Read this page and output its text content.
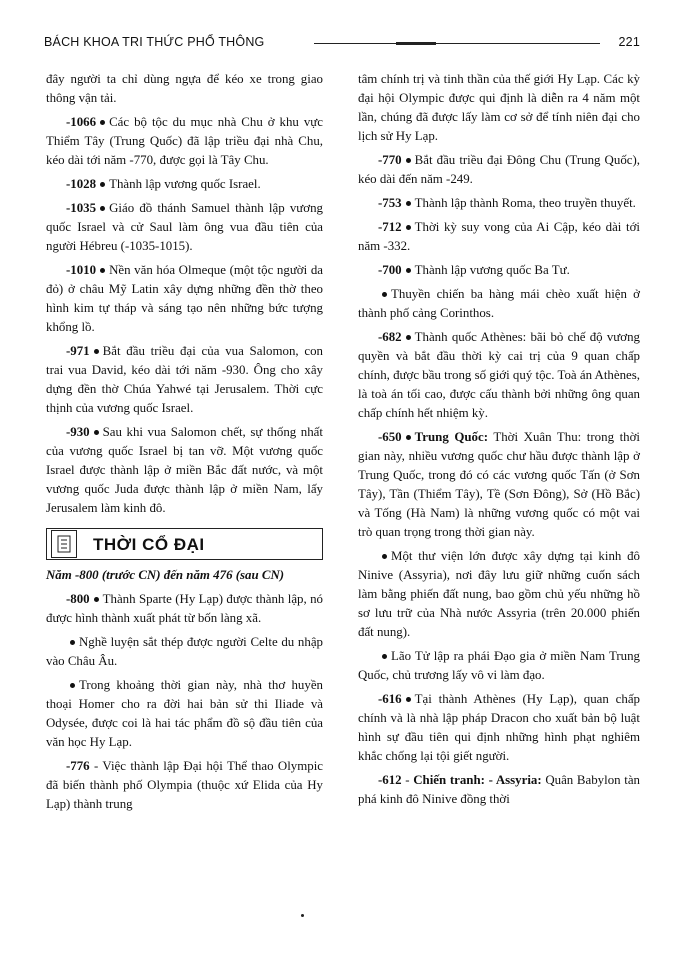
BÁCH KHOA TRI THỨC PHỔ THÔNG	221

đây người ta chỉ dùng ngựa để kéo xe trong giao thông vận tải.

-1066 Các bộ tộc du mục nhà Chu ở khu vực Thiểm Tây (Trung Quốc) đã lập triều đại nhà Chu, kéo dài tới năm -770, được gọi là Tây Chu.

-1028 Thành lập vương quốc Israel.

-1035 Giáo đồ thánh Samuel thành lập vương quốc Israel và cử Saul làm ông vua đầu tiên của người Hébreu (-1035-1015).

-1010 Nền văn hóa Olmeque (một tộc người da đỏ) ở châu Mỹ Latin xây dựng những đền thờ theo hình kim tự tháp và sáng tạo nên những bức tượng khổng lồ.

-971 Bắt đầu triều đại của vua Salomon, con trai vua David, kéo dài tới năm -930. Ông cho xây dựng đền thờ Chúa Yahwé tại Jerusalem. Thời cực thịnh của vương quốc Israel.

-930 Sau khi vua Salomon chết, sự thống nhất của vương quốc Israel bị tan vỡ. Một vương quốc Israel được thành lập ở miền Bắc đất nước, và một vương quốc Juda được thành lập ở miền Nam, lấy Jerusalem làm kinh đô.

THỜI CỔ ĐẠI

Năm -800 (trước CN) đến năm 476 (sau CN)

-800 Thành Sparte (Hy Lạp) được thành lập, nó được hình thành xuất phát từ bốn làng xã.

Nghề luyện sắt thép được người Celte du nhập vào Châu Âu.

Trong khoảng thời gian này, nhà thơ huyền thoại Homer cho ra đời hai bản sử thi Iliade và Odysée, được coi là hai tác phẩm đồ sộ đầu tiên của văn học Hy Lạp.

-776 - Việc thành lập Đại hội Thể thao Olympic đã biến thành phố Olympia (thuộc xứ Elida của Hy Lạp) thành trung

tâm chính trị và tinh thần của thế giới Hy Lạp. Các kỳ đại hội Olympic được qui định là diễn ra 4 năm một lần, chúng đã được lấy làm cơ sở để tính niên đại cho lịch sử Hy Lạp.

-770 Bắt đầu triều đại Đông Chu (Trung Quốc), kéo dài đến năm -249.

-753 Thành lập thành Roma, theo truyền thuyết.

-712 Thời kỳ suy vong của Ai Cập, kéo dài tới năm -332.

-700 Thành lập vương quốc Ba Tư.

Thuyền chiến ba hàng mái chèo xuất hiện ở thành phố cảng Corinthos.

-682 Thành quốc Athènes: bãi bỏ chế độ vương quyền và bắt đầu thời kỳ cai trị của 9 quan chấp chính, được bầu trong số giới quý tộc. Toà án Athènes, là toà án tối cao, được cấu thành bởi những ông quan chấp chính hết nhiệm kỳ.

-650 Trung Quốc: Thời Xuân Thu: trong thời gian này, nhiều vương quốc chư hầu được thành lập ở Trung Quốc, trong đó có các vương quốc Tấn (ở Sơn Tây), Tần (Thiểm Tây), Tề (Sơn Đông), Sở (Hồ Bắc) và Tống (Hà Nam) là những vương quốc có một vai trò quan trọng trong thời gian này.

Một thư viện lớn được xây dựng tại kinh đô Ninive (Assyria), nơi đây lưu giữ những cuốn sách làm bằng phiến đất nung, bao gồm chủ yếu những hồ sơ lưu trữ của Nhà nước Assyria (trên 20.000 phiến đất nung).

Lão Tử lập ra phái Đạo gia ở miền Nam Trung Quốc, chủ trương lấy vô vi làm đạo.

-616 Tại thành Athènes (Hy Lạp), quan chấp chính và là nhà lập pháp Dracon cho xuất bản bộ luật hình sự đầu tiên qui định những hình phạt nghiêm khắc chống lại tội giết người.

-612 - Chiến tranh: - Assyria: Quân Babylon tàn phá kinh đô Ninive đồng thời
